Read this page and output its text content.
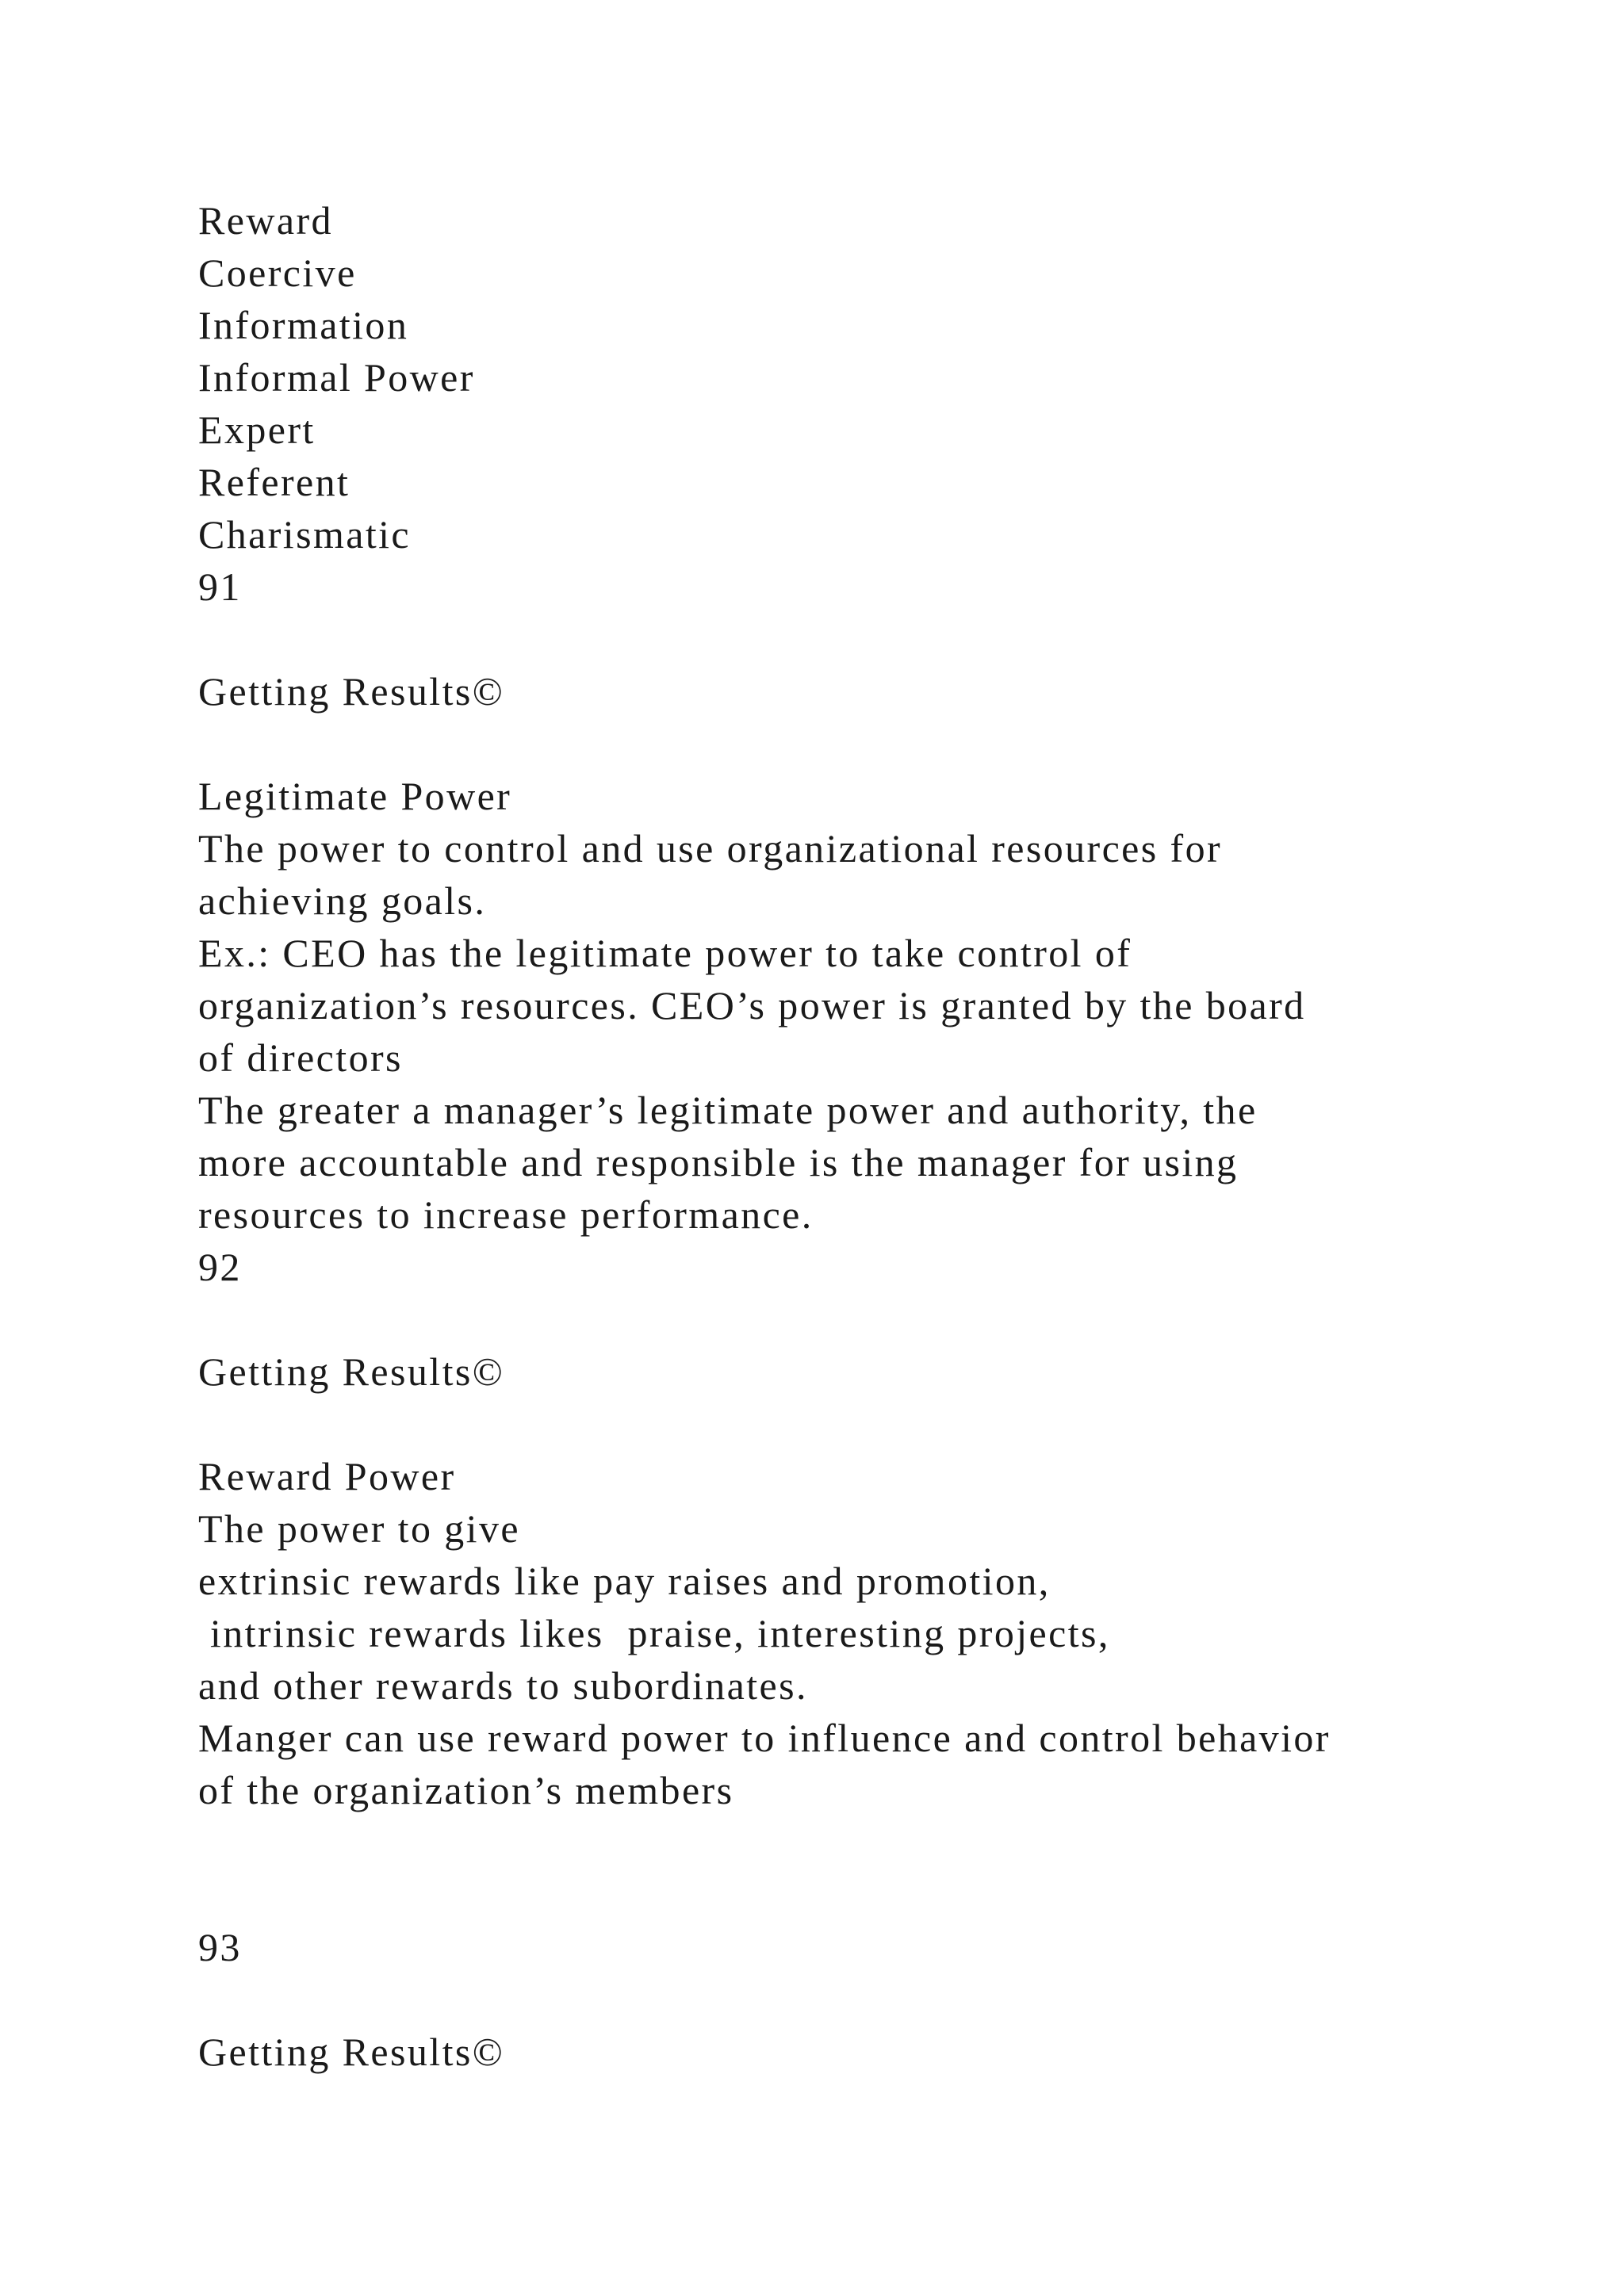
Reward
Coercive
Information
Informal Power
Expert
Referent
Charismatic
91
Getting Results©
Legitimate Power
The power to control and use organizational resources for
achieving goals.
Ex.: CEO has the legitimate power to take control of
organization’s resources. CEO’s power is granted by the board
of directors
The greater a manager’s legitimate power and authority, the
more accountable and responsible is the manager for using
resources to increase performance.
92
Getting Results©
Reward Power
The power to give
extrinsic rewards like pay raises and promotion,
intrinsic rewards likes  praise, interesting projects,
and other rewards to subordinates.
Manger can use reward power to influence and control behavior
of the organization’s members
93
Getting Results©
